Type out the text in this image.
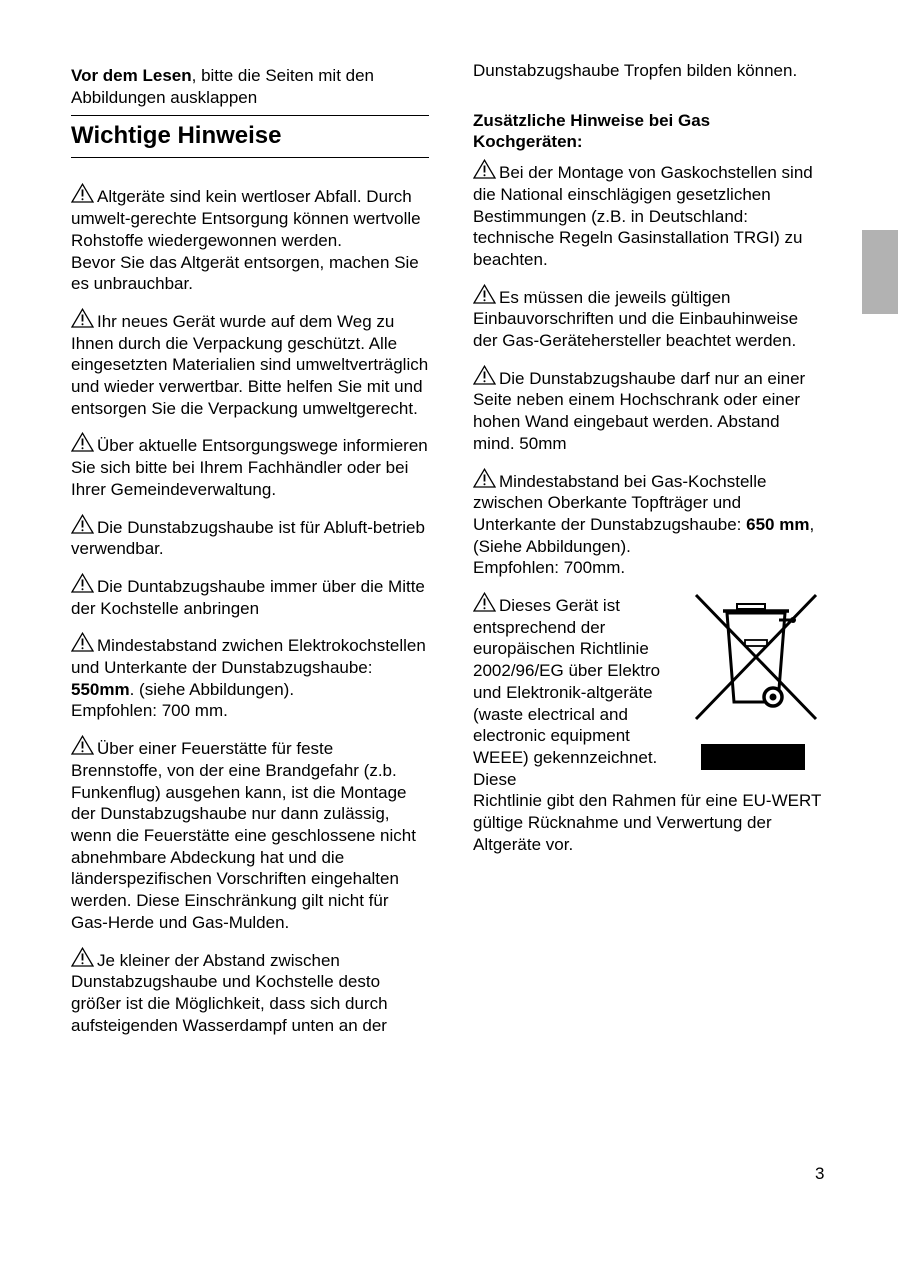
Vor dem Lesen, bitte die Seiten mit den Abbildungen ausklappen

Wichtige Hinweise

Altgeräte sind kein wertloser Abfall. Durch umwelt-gerechte Entsorgung können wertvolle Rohstoffe wiedergewonnen werden.
Bevor Sie das Altgerät entsorgen, machen Sie es unbrauchbar.

Ihr neues Gerät wurde auf dem Weg zu Ihnen durch die Verpackung geschützt. Alle eingesetzten Materialien sind umweltverträglich und wieder verwertbar. Bitte helfen Sie mit und entsorgen Sie die Verpackung umweltgerecht.

Über aktuelle Entsorgungswege informieren Sie sich bitte bei Ihrem Fachhändler oder bei Ihrer Gemeindeverwaltung.

Die Dunstabzugshaube ist für Abluft-betrieb verwendbar.

Die Duntabzugshaube immer über die Mitte der Kochstelle anbringen

Mindestabstand zwichen Elektrokochstellen und Unterkante der Dunstabzugshaube: 550mm. (siehe Abbildungen).
Empfohlen: 700 mm.

Über einer Feuerstätte für feste Brennstoffe, von der eine Brandgefahr (z.b. Funkenflug) ausgehen kann, ist die Montage der Dunstabzugshaube nur dann zulässig, wenn die Feuerstätte eine geschlossene nicht abnehmbare Abdeckung hat und die länderspezifischen Vorschriften eingehalten werden. Diese Einschränkung gilt nicht für Gas-Herde und Gas-Mulden.

Je kleiner der Abstand zwischen Dunstabzugshaube und Kochstelle desto größer ist die Möglichkeit, dass sich durch aufsteigenden Wasserdampf unten an der

Dunstabzugshaube Tropfen bilden können.

Zusätzliche Hinweise bei Gas Kochgeräten:

Bei der Montage von Gaskochstellen sind die National einschlägigen gesetzlichen Bestimmungen (z.B. in Deutschland: technische Regeln Gasinstallation TRGI) zu beachten.

Es müssen die jeweils gültigen Einbauvorschriften und die Einbauhinweise der Gas-Gerätehersteller beachtet werden.

Die Dunstabzugshaube darf nur an einer Seite neben einem Hochschrank oder einer hohen Wand eingebaut werden. Abstand mind. 50mm

Mindestabstand bei Gas-Kochstelle zwischen Oberkante Topfträger und Unterkante der Dunstabzugshaube: 650 mm, (Siehe Abbildungen).
Empfohlen: 700mm.

Dieses Gerät ist entsprechend der europäischen Richtlinie 2002/96/EG über Elektro und Elektronik-altgeräte (waste electrical and electronic equipment WEEE) gekennzeichnet. Diese

Richtlinie gibt den Rahmen für eine EU-WERT gültige Rücknahme und Verwertung der Altgeräte vor.

3
